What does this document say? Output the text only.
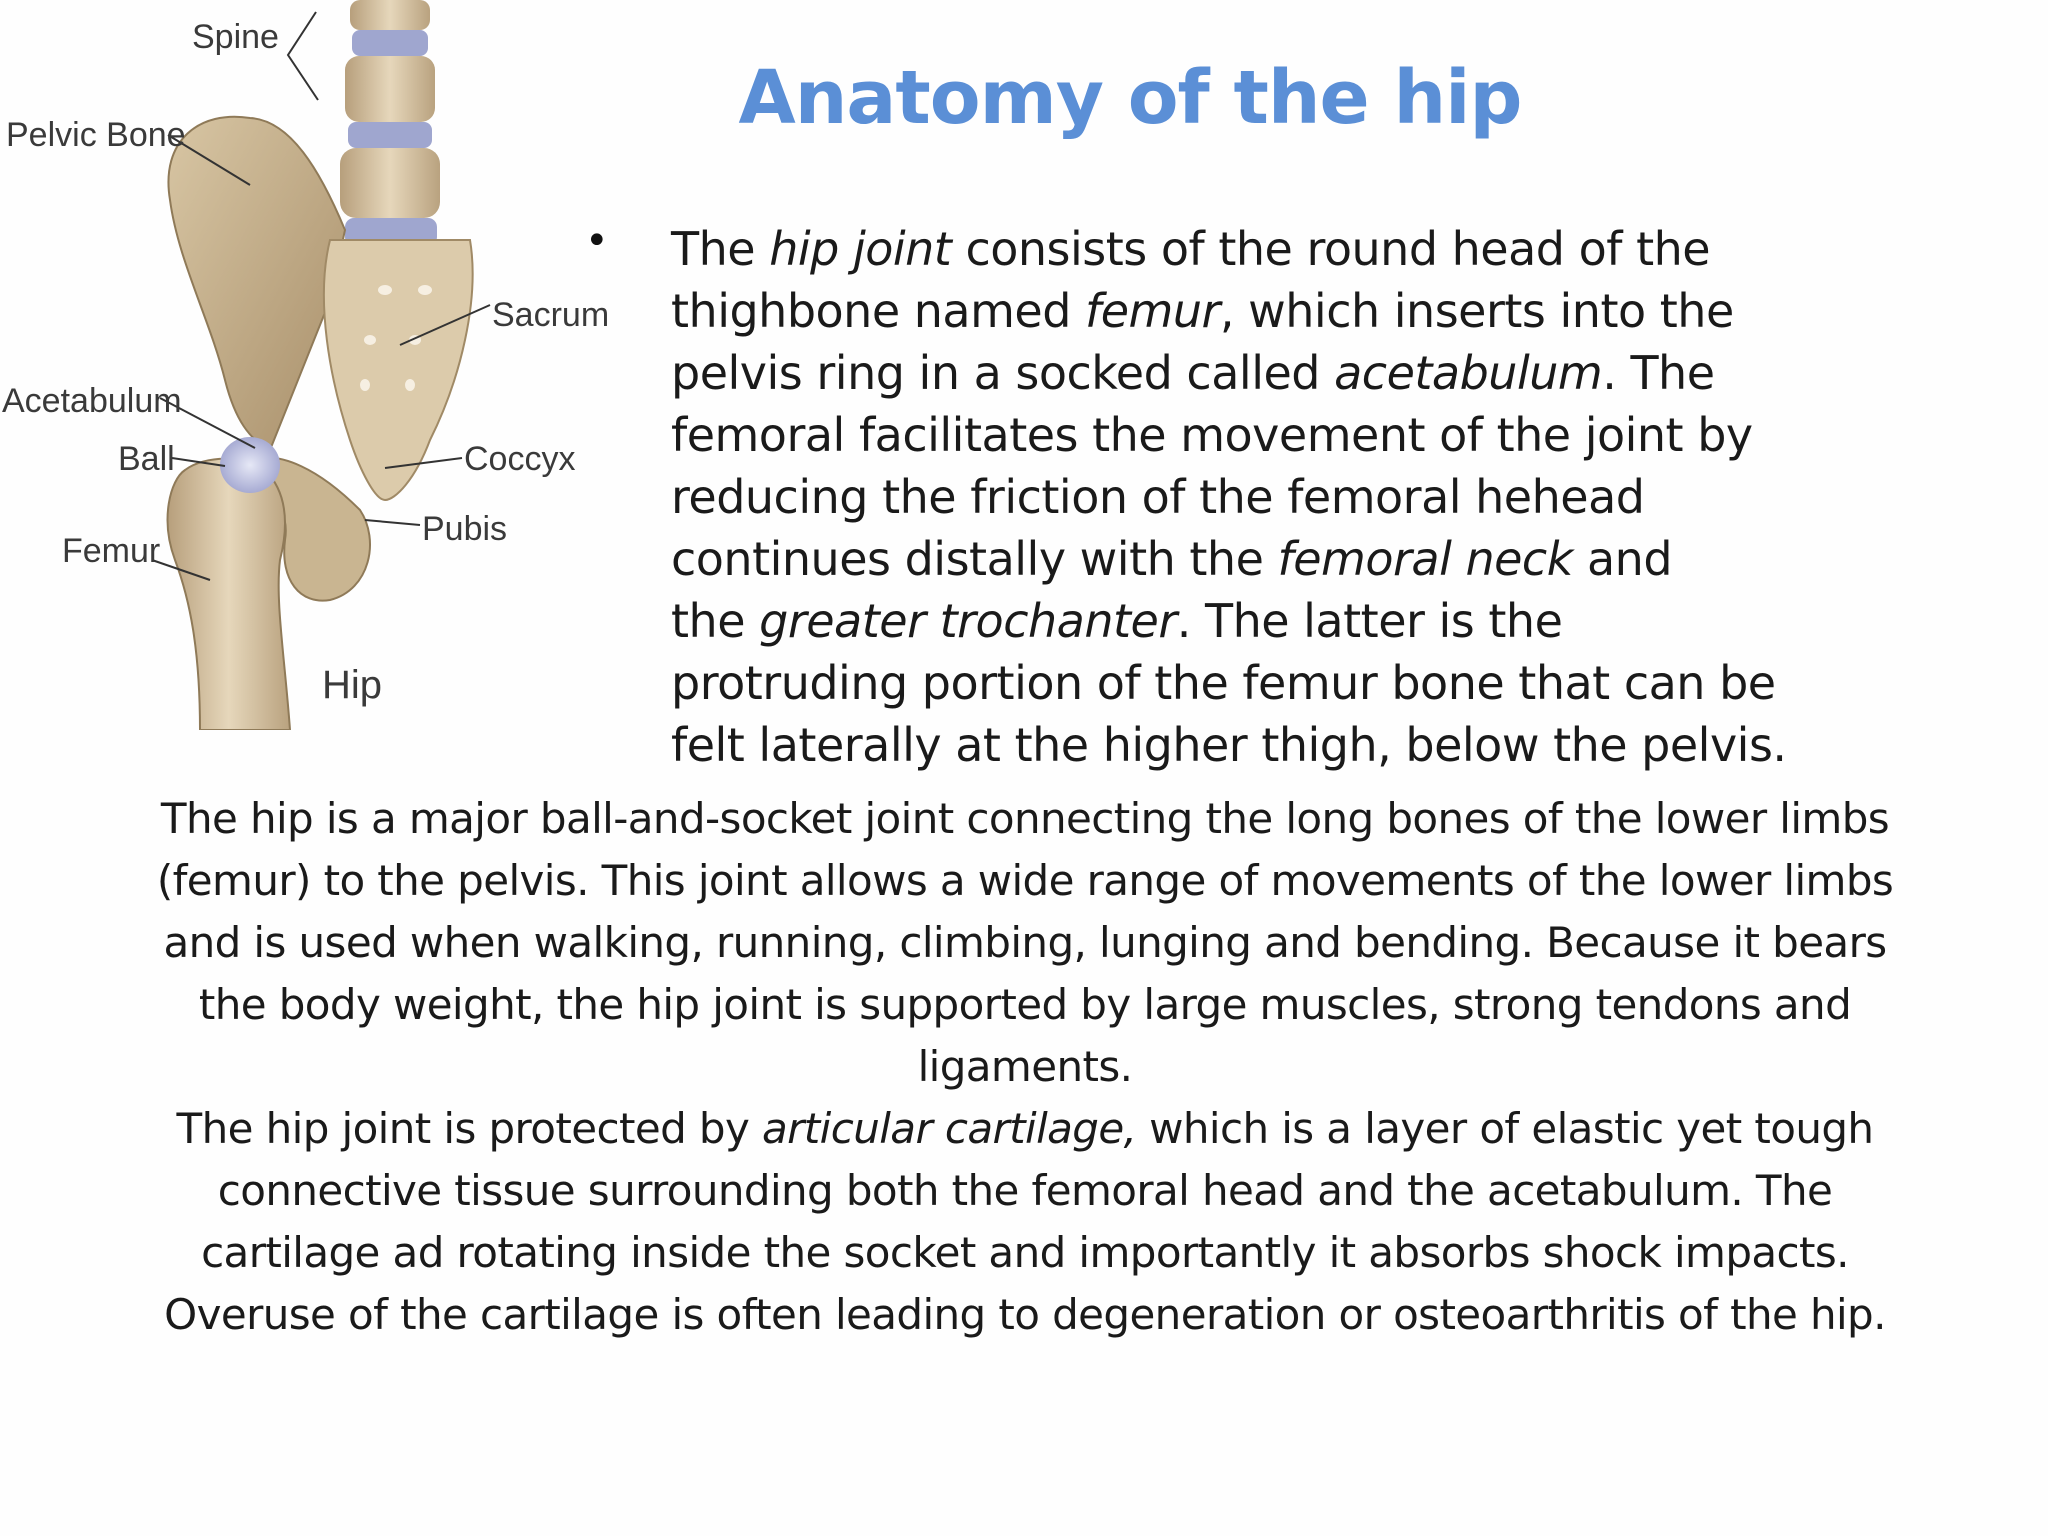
Spine
Pelvic Bone
Sacrum
Acetabulum
Ball	Coccyx
Pubis
Femur
Hip
Anatomy of the hip
• The hip joint consists of the round head of the
thighbone named femur, which inserts into the
pelvis ring in a socked called acetabulum. The
femoral facilitates the movement of the joint by
reducing the friction of the femoral hehead
continues distally with the femoral neck and
the greater trochanter. The latter is the
protruding portion of the femur bone that can be
felt laterally at the higher thigh, below the pelvis.
The hip is a major ball-and-socket joint connecting the long bones of the lower limbs
(femur) to the pelvis. This joint allows a wide range of movements of the lower limbs
and is used when walking, running, climbing, lunging and bending. Because it bears
the body weight, the hip joint is supported by large muscles, strong tendons and
ligaments.
The hip joint is protected by articular cartilage, which is a layer of elastic yet tough
connective tissue surrounding both the femoral head and the acetabulum. The
cartilage ad rotating inside the socket and importantly it absorbs shock impacts.
Overuse of the cartilage is often leading to degeneration or osteoarthritis of the hip.
